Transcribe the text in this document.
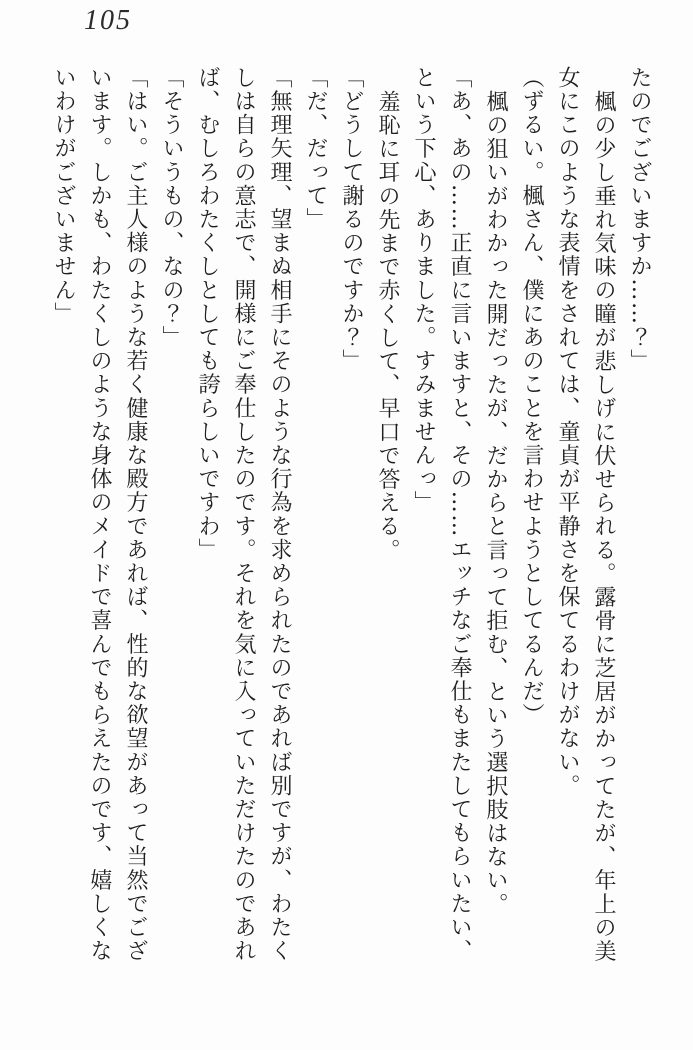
105

たのでございますか……？」

楓の少し垂れ気味の瞳が悲しげに伏せられる。露骨に芝居がかってたが、年上の美女にこのような表情をされては、童貞が平静さを保てるわけがない。

（ずるい。楓さん、僕にあのことを言わせようとしてるんだ）

楓の狙いがわかった開だったが、だからと言って拒む、という選択肢はない。

「あ、あの……正直に言いますと、その……エッチなご奉仕もまたしてもらいたい、という下心、ありました。すみませんっ」

羞恥に耳の先まで赤くして、早口で答える。

「どうして謝るのですか？」

「だ、だって」

「無理矢理、望まぬ相手にそのような行為を求められたのであれば別ですが、わたくしは自らの意志で、開様にご奉仕したのです。それを気に入っていただけたのであれば、むしろわたくしとしても誇らしいですわ」

「そういうもの、なの？」

「はい。ご主人様のような若く健康な殿方であれば、性的な欲望があって当然でございます。しかも、わたくしのような身体のメイドで喜んでもらえたのです、嬉しくないわけがございません」
